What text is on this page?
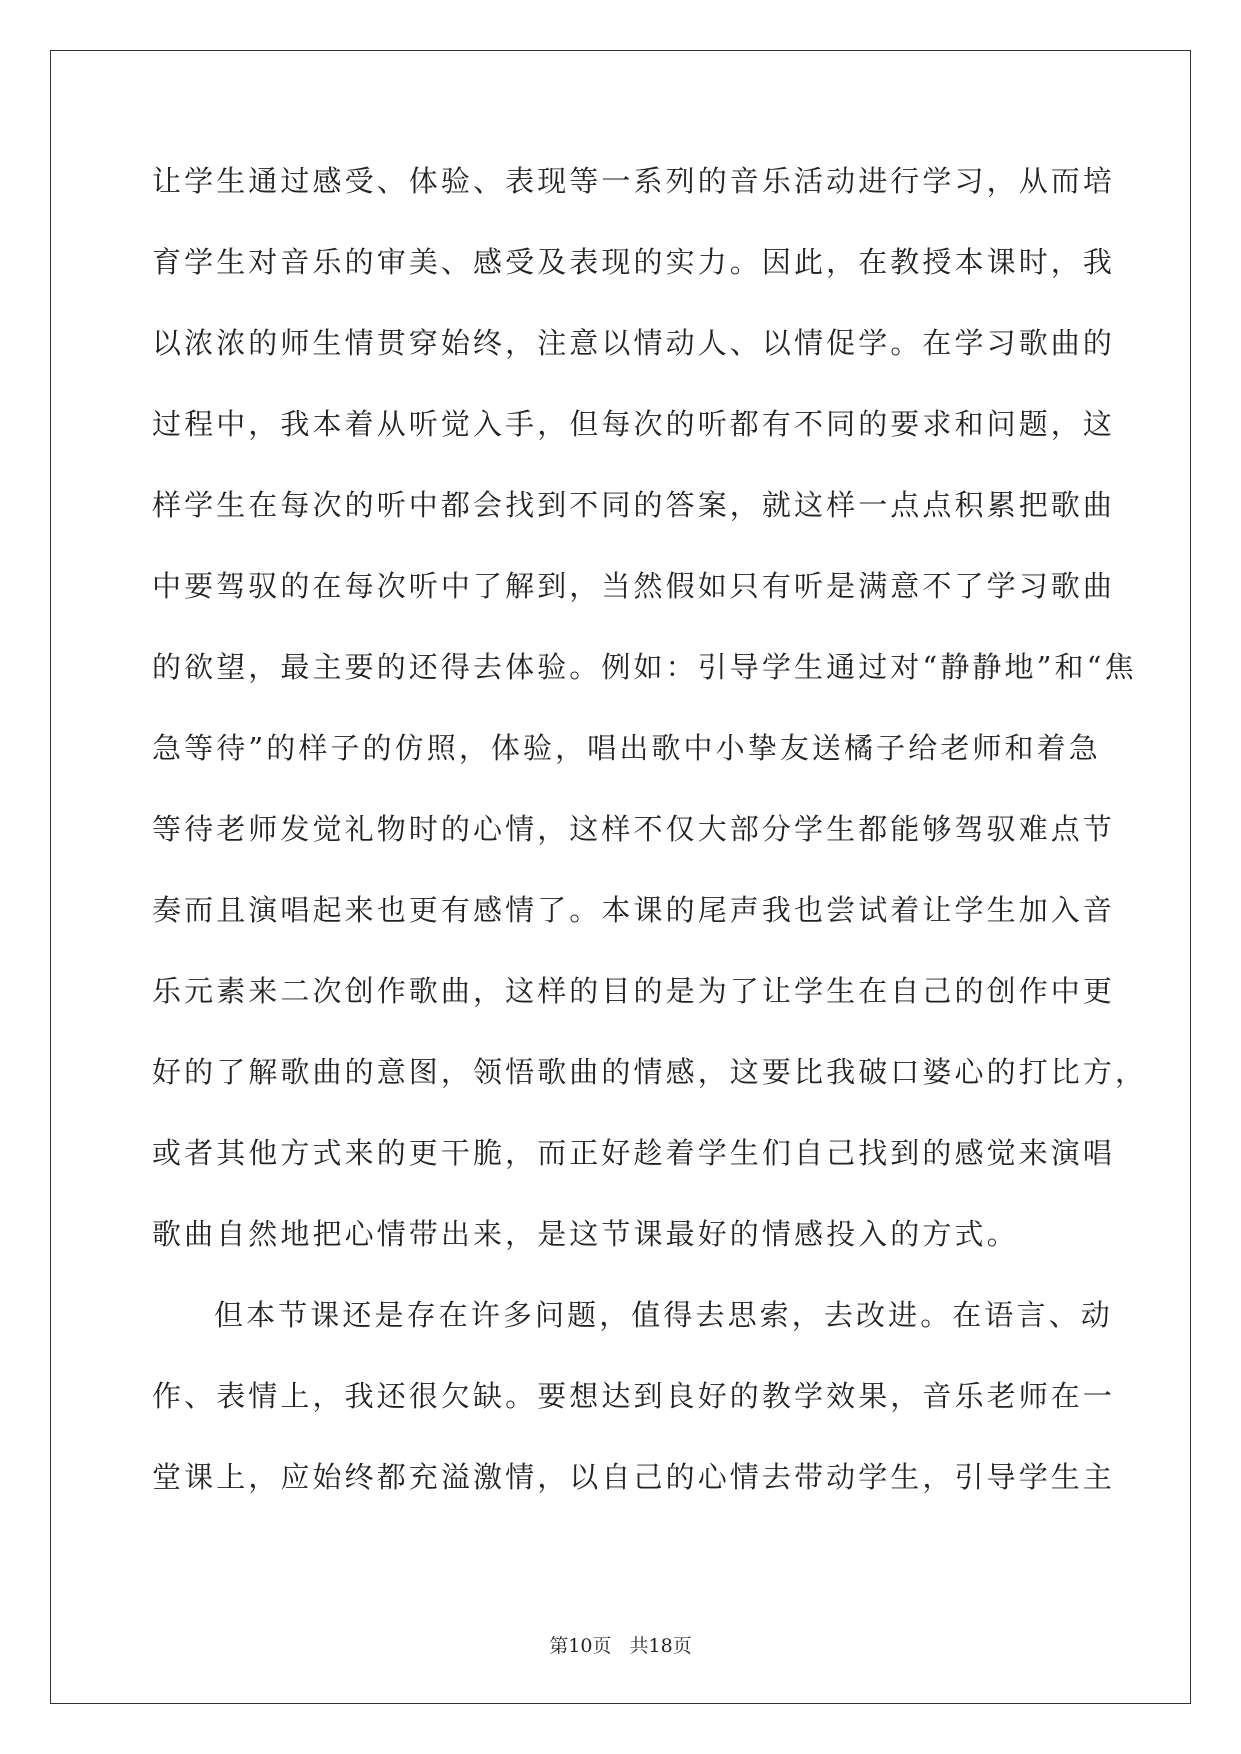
让学生通过感受、体验、表现等一系列的音乐活动进行学习，从而培
育学生对音乐的审美、感受及表现的实力。因此，在教授本课时，我
以浓浓的师生情贯穿始终，注意以情动人、以情促学。在学习歌曲的
过程中，我本着从听觉入手，但每次的听都有不同的要求和问题，这
样学生在每次的听中都会找到不同的答案，就这样一点点积累把歌曲
中要驾驭的在每次听中了解到，当然假如只有听是满意不了学习歌曲
的欲望，最主要的还得去体验。例如：引导学生通过对“静静地”和“焦
急等待”的样子的仿照，体验，唱出歌中小挚友送橘子给老师和着急
等待老师发觉礼物时的心情，这样不仅大部分学生都能够驾驭难点节
奏而且演唱起来也更有感情了。本课的尾声我也尝试着让学生加入音
乐元素来二次创作歌曲，这样的目的是为了让学生在自己的创作中更
好的了解歌曲的意图，领悟歌曲的情感，这要比我破口婆心的打比方，
或者其他方式来的更干脆，而正好趁着学生们自己找到的感觉来演唱
歌曲自然地把心情带出来，是这节课最好的情感投入的方式。
但本节课还是存在许多问题，值得去思索，去改进。在语言、动
作、表情上，我还很欠缺。要想达到良好的教学效果，音乐老师在一
堂课上，应始终都充溢激情，以自己的心情去带动学生，引导学生主
第10页 共18页
